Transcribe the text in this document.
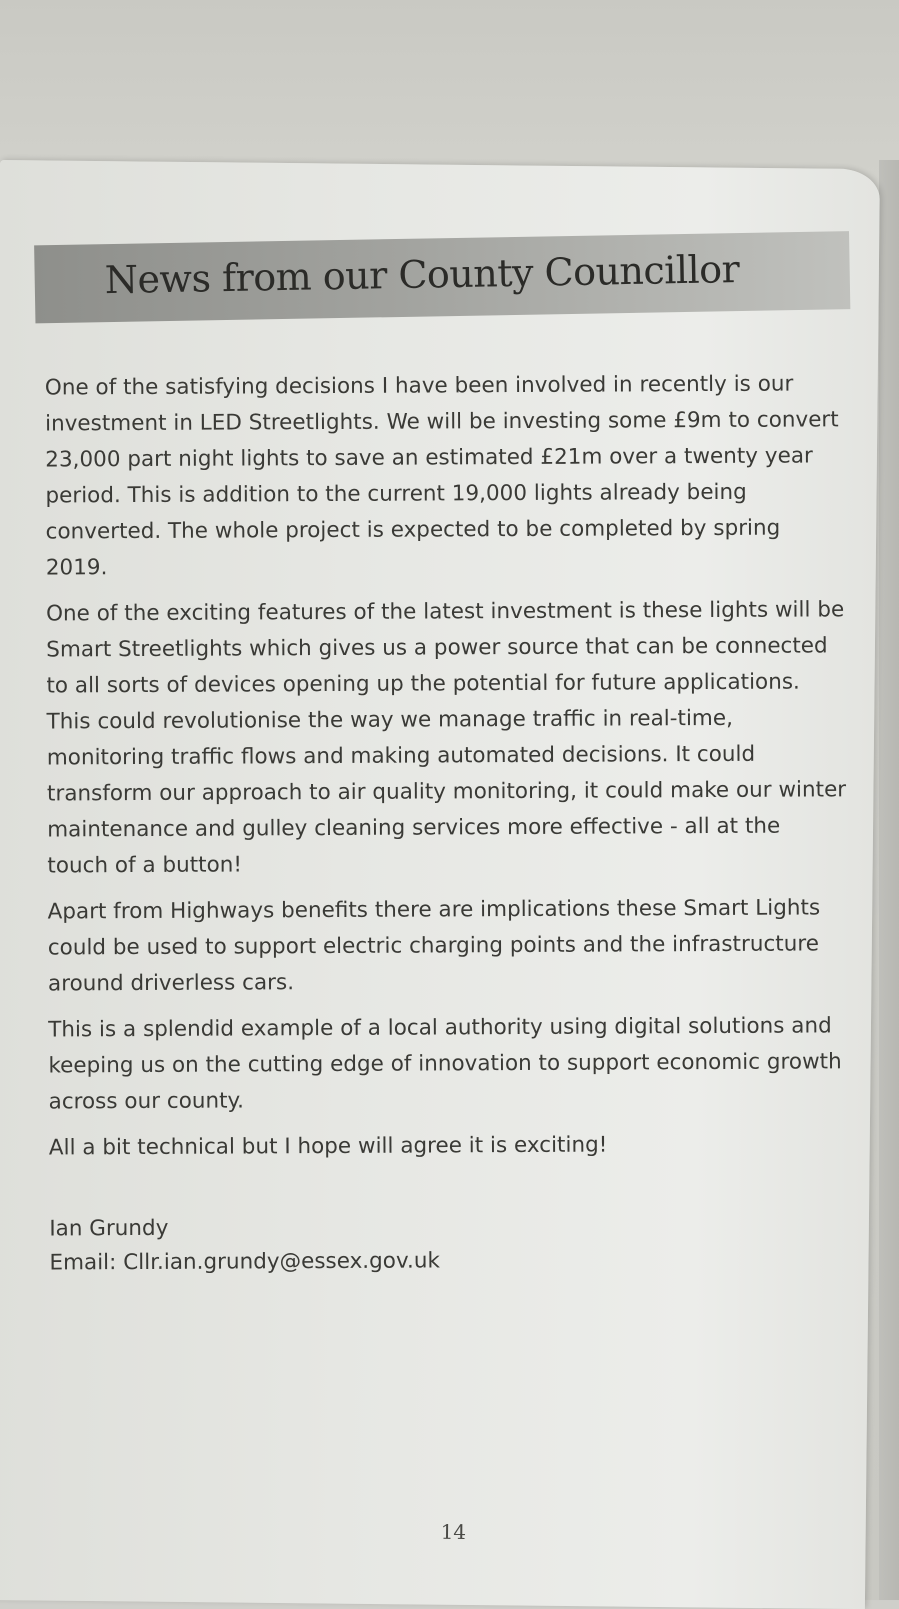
News from our County Councillor

One of the satisfying decisions I have been involved in recently is our investment in LED Streetlights. We will be investing some £9m to convert 23,000 part night lights to save an estimated £21m over a twenty year period. This is addition to the current 19,000 lights already being converted. The whole project is expected to be completed by spring 2019.

One of the exciting features of the latest investment is these lights will be Smart Streetlights which gives us a power source that can be connected to all sorts of devices opening up the potential for future applications. This could revolutionise the way we manage traffic in real-time, monitoring traffic flows and making automated decisions. It could transform our approach to air quality monitoring, it could make our winter maintenance and gulley cleaning services more effective - all at the touch of a button!

Apart from Highways benefits there are implications these Smart Lights could be used to support electric charging points and the infrastructure around driverless cars.

This is a splendid example of a local authority using digital solutions and keeping us on the cutting edge of innovation to support economic growth across our county.

All a bit technical but I hope will agree it is exciting!

Ian Grundy
Email: Cllr.ian.grundy@essex.gov.uk
14
